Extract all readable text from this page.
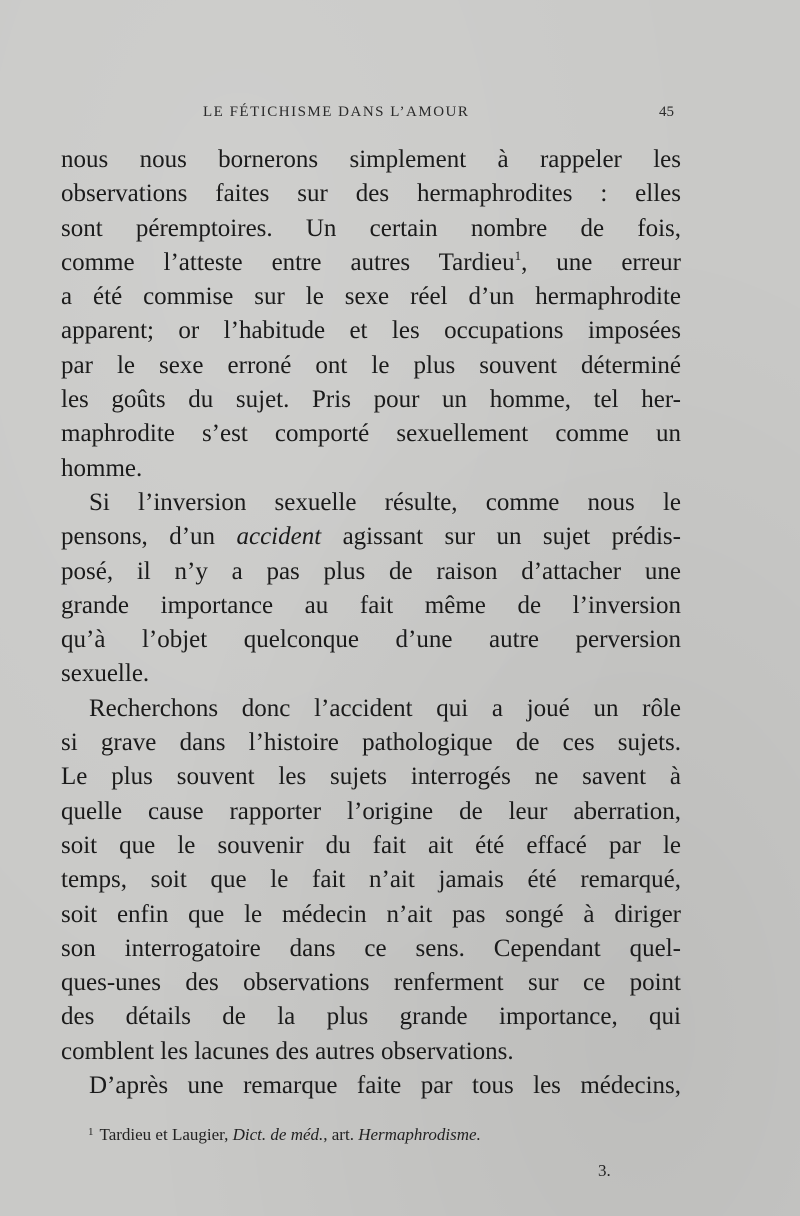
LE FÉTICHISME DANS L’AMOUR	45
nous nous bornerons simplement à rappeler les
observations faites sur des hermaphrodites : elles
sont péremptoires. Un certain nombre de fois,
comme l’atteste entre autres Tardieu$^1$, une erreur
a été commise sur le sexe réel d’un hermaphrodite
apparent; or l’habitude et les occupations imposées
par le sexe erroné ont le plus souvent déterminé
les goûts du sujet. Pris pour un homme, tel her-
maphrodite s’est comporté sexuellement comme un
homme.
Si l’inversion sexuelle résulte, comme nous le
pensons, d’un accident agissant sur un sujet prédis-
posé, il n’y a pas plus de raison d’attacher une
grande importance au fait même de l’inversion
qu’à l’objet quelconque d’une autre perversion
sexuelle.
Recherchons donc l’accident qui a joué un rôle
si grave dans l’histoire pathologique de ces sujets.
Le plus souvent les sujets interrogés ne savent à
quelle cause rapporter l’origine de leur aberration,
soit que le souvenir du fait ait été effacé par le
temps, soit que le fait n’ait jamais été remarqué,
soit enfin que le médecin n’ait pas songé à diriger
son interrogatoire dans ce sens. Cependant quel-
ques-unes des observations renferment sur ce point
des détails de la plus grande importance, qui
comblent les lacunes des autres observations.
D’après une remarque faite par tous les médecins,
$^1$ Tardieu et Laugier, Dict. de méd., art. Hermaphrodisme.
3.
